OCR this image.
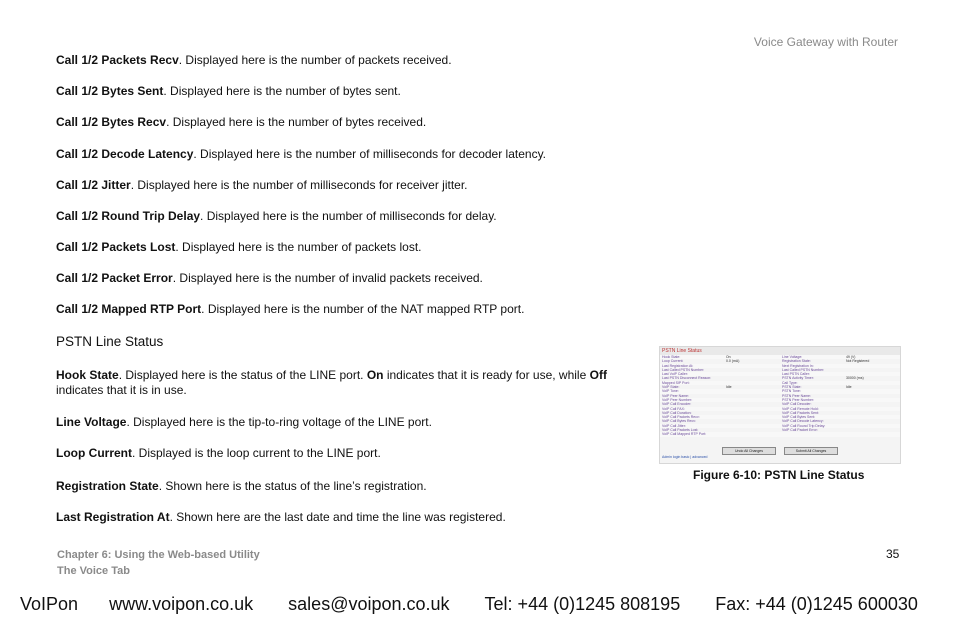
Voice Gateway with Router

Call 1/2 Packets Recv. Displayed here is the number of packets received.

Call 1/2 Bytes Sent. Displayed here is the number of bytes sent.

Call 1/2 Bytes Recv. Displayed here is the number of bytes received.

Call 1/2 Decode Latency. Displayed here is the number of milliseconds for decoder latency.

Call 1/2 Jitter. Displayed here is the number of milliseconds for receiver jitter.

Call 1/2 Round Trip Delay. Displayed here is the number of milliseconds for delay.

Call 1/2 Packets Lost. Displayed here is the number of packets lost.

Call 1/2 Packet Error. Displayed here is the number of invalid packets received.

Call 1/2 Mapped RTP Port. Displayed here is the number of the NAT mapped RTP port.

PSTN Line Status

Hook State. Displayed here is the status of the LINE port. On indicates that it is ready for use, while Off indicates that it is in use.

Line Voltage. Displayed here is the tip-to-ring voltage of the LINE port.

Loop Current. Displayed is the loop current to the LINE port.

Registration State. Shown here is the status of the line’s registration.

Last Registration At. Shown here are the last date and time the line was registered.

PSTN Line Status
Hook State:	On	Line Voltage:	49 (V)
Loop Current:	0.0 (mA)	Registration State:	Not Registered
Last Registration At:	Next Registration In:
Last Called PSTN Number:	Last Called PSTN Number:
Last VoIP Caller:	Last PSTN Caller:
Last PSTN Disconnect Reason:	PSTN Activity Timer:	30000 (ms)
Mapped SIP Port:	Call Type:
VoIP State:	Idle	PSTN State:	Idle
VoIP Tone:	PSTN Tone:
VoIP Peer Name:	PSTN Peer Name:
VoIP Peer Number:	PSTN Peer Number:
VoIP Call Encoder:	VoIP Call Decoder:
VoIP Call FAX:	VoIP Call Remote Hold:
VoIP Call Duration:	VoIP Call Packets Sent:
VoIP Call Packets Recv:	VoIP Call Bytes Sent:
VoIP Call Bytes Recv:	VoIP Call Decode Latency:
VoIP Call Jitter:	VoIP Call Round Trip Delay:
VoIP Call Packets Lost:	VoIP Call Packet Error:
VoIP Call Mapped RTP Port:
Undo All Changes	Submit All Changes
Admin login basic | advanced
Figure 6-10: PSTN Line Status
Chapter 6: Using the Web-based Utility
The Voice Tab
35
VoIPon www.voipon.co.uk sales@voipon.co.uk Tel: +44 (0)1245 808195 Fax: +44 (0)1245 600030
